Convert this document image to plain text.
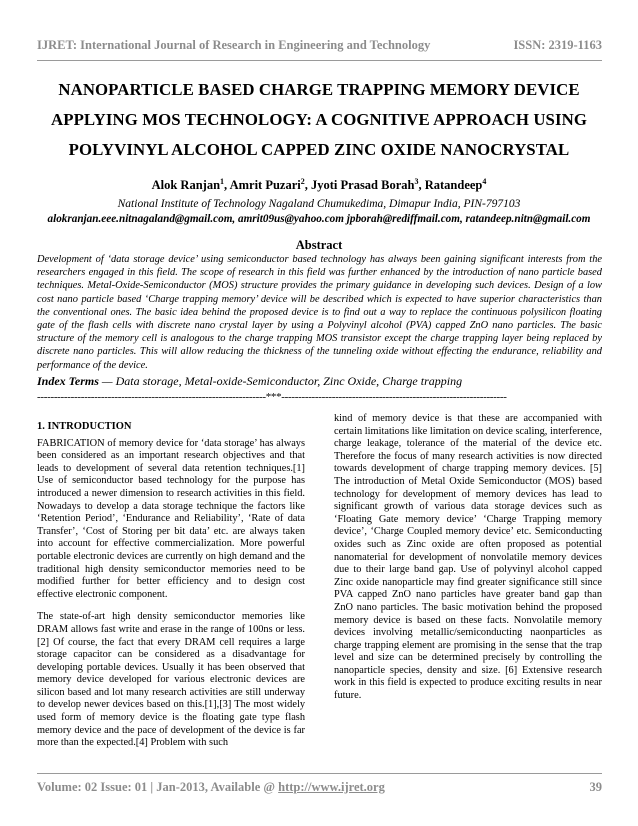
IJRET: International Journal of Research in Engineering and Technology	ISSN: 2319-1163
NANOPARTICLE BASED CHARGE TRAPPING MEMORY DEVICE APPLYING MOS TECHNOLOGY: A COGNITIVE APPROACH USING POLYVINYL ALCOHOL CAPPED ZINC OXIDE NANOCRYSTAL
Alok Ranjan$^1$, Amrit Puzari$^2$, Jyoti Prasad Borah$^3$, Ratandeep$^4$
National Institute of Technology Nagaland Chumukedima, Dimapur India, PIN-797103
alokranjan.eee.nitnagaland@gmail.com, amrit09us@yahoo.com jpborah@rediffmail.com, ratandeep.nitn@gmail.com
Abstract
Development of ‘data storage device’ using semiconductor based technology has always been gaining significant interests from the researchers engaged in this field. The scope of research in this field was further enhanced by the introduction of nano particle based techniques. Metal-Oxide-Semiconductor (MOS) structure provides the primary guidance in developing such devices. Design of a low cost nano particle based ‘Charge trapping memory’ device will be described which is expected to have superior characteristics than the conventional ones. The basic idea behind the proposed device is to find out a way to replace the continuous polysilicon floating gate of the flash cells with discrete nano crystal layer by using a Polyvinyl alcohol (PVA) capped ZnO nano particles. The basic structure of the memory cell is analogous to the charge trapping MOS transistor except the charge trapping layer being replaced by discrete nano particles. This will allow reducing the thickness of the tunneling oxide without effecting the endurance, reliability and performance of the device.
Index Terms — Data storage, Metal-oxide-Semiconductor, Zinc Oxide, Charge trapping
--------------------------------------------------------------------***-------------------------------------------------------------------
1. INTRODUCTION

FABRICATION of memory device for ‘data storage’ has always been considered as an important research objectives and that leads to development of several data retention techniques.[1] Use of semiconductor based technology for the purpose has introduced a newer dimension to research activities in this field. Nowadays to develop a data storage technique the factors like ‘Retention Period’, ‘Endurance and Reliability’, ‘Rate of data Transfer’, ‘Cost of Storing per bit data’ etc. are always taken into account for effective commercialization. More powerful portable electronic devices are currently on high demand and the traditional high density semiconductor memories need to be modified further for better efficiency and to design cost effective electronic component.

The state-of-art high density semiconductor memories like DRAM allows fast write and erase in the range of 100ns or less.[2] Of course, the fact that every DRAM cell requires a large storage capacitor can be considered as a disadvantage for developing portable devices. Usually it has been observed that memory device developed for various electronic devices are silicon based and lot many research activities are still underway to develop newer devices based on this.[1],[3] The most widely used form of memory device is the floating gate type flash memory device and the pace of development of the device is far more than the expected.[4] Problem with such

kind of memory device is that these are accompanied with certain limitations like limitation on device scaling, interference, charge leakage, tolerance of the material of the device etc. Therefore the focus of many research activities is now directed towards development of charge trapping memory devices. [5] The introduction of Metal Oxide Semiconductor (MOS) based technology for development of memory devices has lead to significant growth of various data storage devices such as ‘Floating Gate memory device’ ‘Charge Trapping memory device’, ‘Charge Coupled memory device’ etc. Semiconducting oxides such as Zinc oxide are often proposed as potential nanomaterial for development of nonvolatile memory devices due to their large band gap. Use of polyvinyl alcohol capped Zinc oxide nanoparticle may find greater significance still since PVA capped ZnO nano particles have greater band gap than ZnO nano particles. The basic motivation behind the proposed memory device is based on these facts. Nonvolatile memory devices involving metallic/semiconducting naonparticles as charge trapping element are promising in the sense that the trap level and size can be determined precisely by controlling the nanoparticle species, density and size. [6] Extensive research work in this field is expected to produce exciting results in near future.

Volume: 02 Issue: 01 | Jan-2013, Available @ http://www.ijret.org	39
